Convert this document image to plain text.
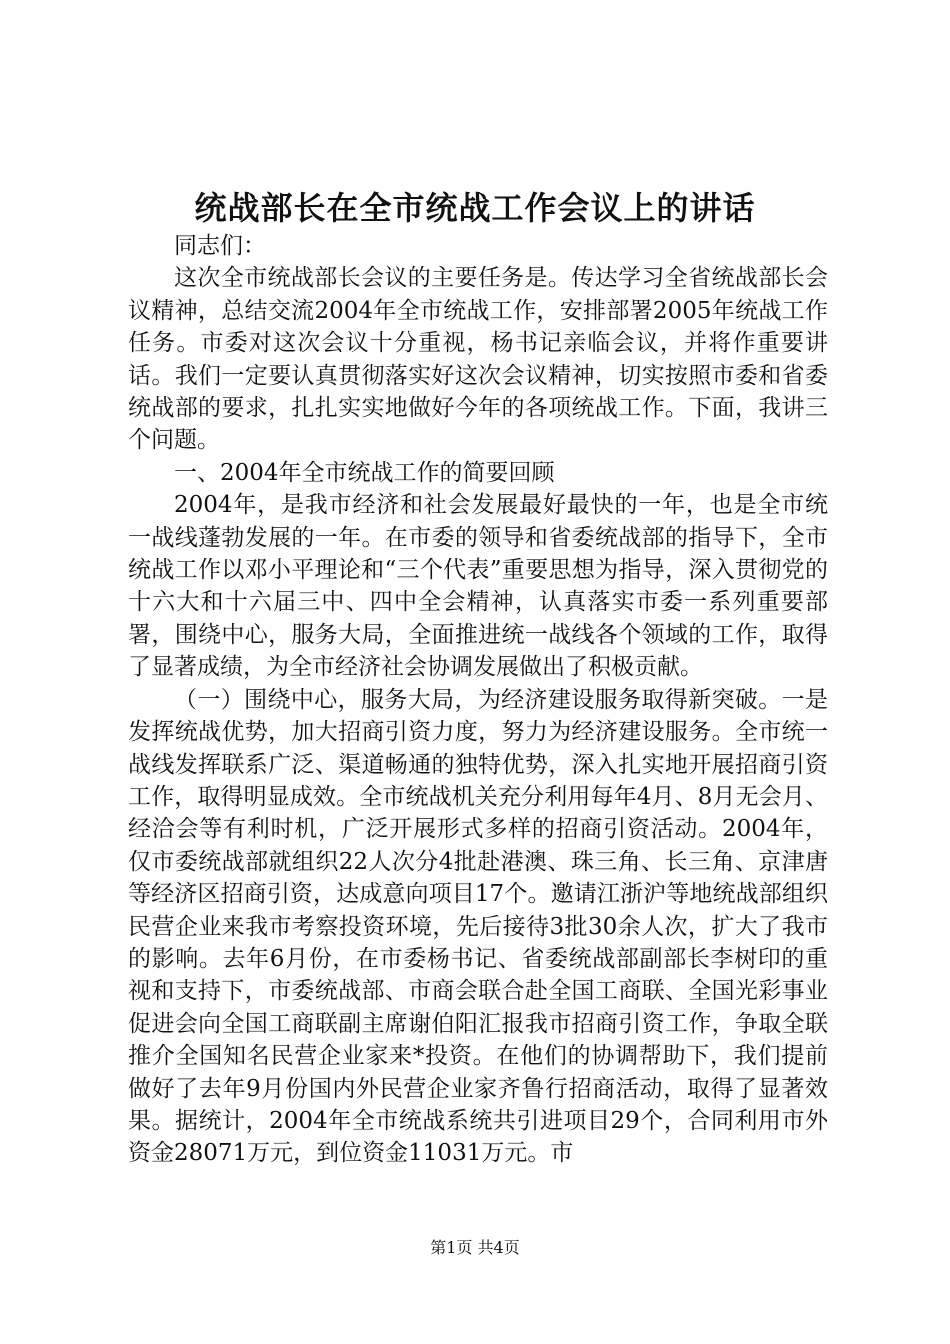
统战部长在全市统战工作会议上的讲话

同志们：

这次全市统战部长会议的主要任务是。传达学习全省统战部长会议精神，总结交流2004年全市统战工作，安排部署2005年统战工作任务。市委对这次会议十分重视，杨书记亲临会议，并将作重要讲话。我们一定要认真贯彻落实好这次会议精神，切实按照市委和省委统战部的要求，扎扎实实地做好今年的各项统战工作。下面，我讲三个问题。

一、2004年全市统战工作的简要回顾

2004年，是我市经济和社会发展最好最快的一年，也是全市统一战线蓬勃发展的一年。在市委的领导和省委统战部的指导下，全市统战工作以邓小平理论和“三个代表”重要思想为指导，深入贯彻党的十六大和十六届三中、四中全会精神，认真落实市委一系列重要部署，围绕中心，服务大局，全面推进统一战线各个领域的工作，取得了显著成绩，为全市经济社会协调发展做出了积极贡献。

（一）围绕中心，服务大局，为经济建设服务取得新突破。一是发挥统战优势，加大招商引资力度，努力为经济建设服务。全市统一战线发挥联系广泛、渠道畅通的独特优势，深入扎实地开展招商引资工作，取得明显成效。全市统战机关充分利用每年4月、8月无会月、经洽会等有利时机，广泛开展形式多样的招商引资活动。2004年，仅市委统战部就组织22人次分4批赴港澳、珠三角、长三角、京津唐等经济区招商引资，达成意向项目17个。邀请江浙沪等地统战部组织民营企业来我市考察投资环境，先后接待3批30余人次，扩大了我市的影响。去年6月份，在市委杨书记、省委统战部副部长李树印的重视和支持下，市委统战部、市商会联合赴全国工商联、全国光彩事业促进会向全国工商联副主席谢伯阳汇报我市招商引资工作，争取全联推介全国知名民营企业家来*投资。在他们的协调帮助下，我们提前做好了去年9月份国内外民营企业家齐鲁行招商活动，取得了显著效果。据统计，2004年全市统战系统共引进项目29个，合同利用市外资金28071万元，到位资金11031万元。市

第1页 共4页
